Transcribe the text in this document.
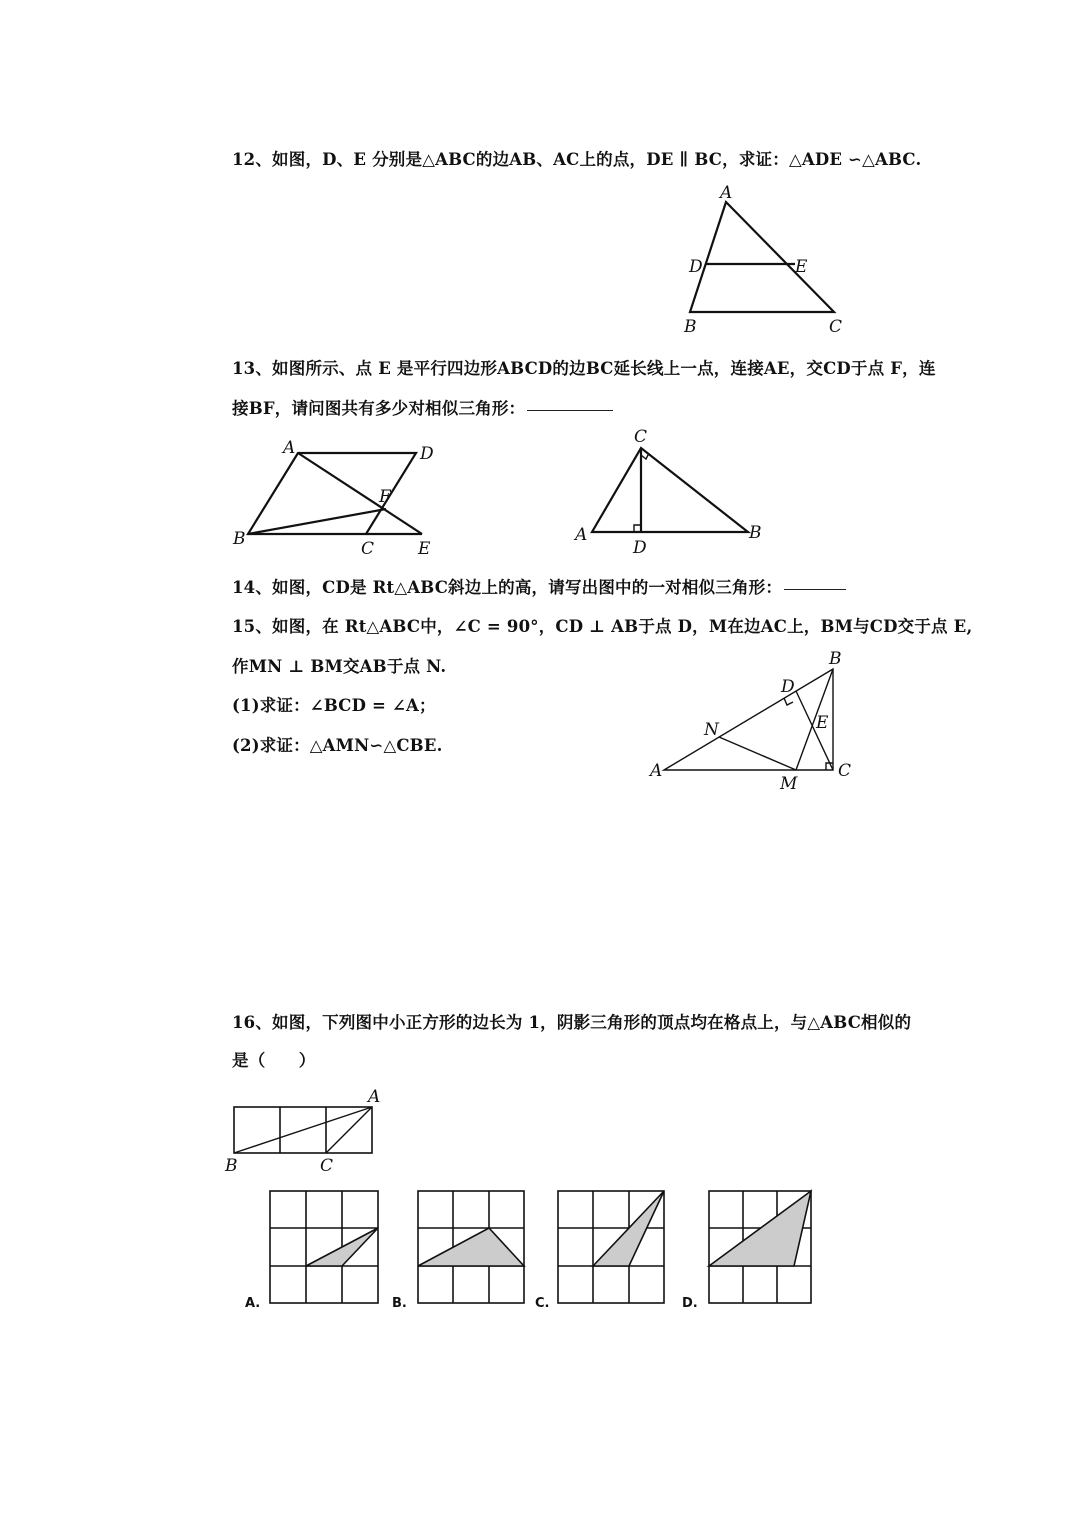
12、如图，D、E 分别是△ABC的边AB、AC上的点，DE ∥ BC，求证：△ADE ∽△ABC.
A
B	C
D	E
13、如图所示、点 E 是平行四边形ABCD的边BC延长线上一点，连接AE，交CD于点 F，连
接BF，请问图共有多少对相似三角形：
A	D
F
B	C	E
C
A	B
D
14、如图，CD是 Rt△ABC斜边上的高，请写出图中的一对相似三角形：
15、如图，在 Rt△ABC中，∠C = 90°，CD ⊥ AB于点 D，M在边AC上，BM与CD交于点 E,
作MN ⊥ BM交AB于点 N.
(1)求证：∠BCD = ∠A；
(2)求证：△AMN∽△CBE.
B
D
N	E
A	C
M
16、如图，下列图中小正方形的边长为 1，阴影三角形的顶点均在格点上，与△ABC相似的
是（　　）
A
B	C
A.	B.	C.	D.
